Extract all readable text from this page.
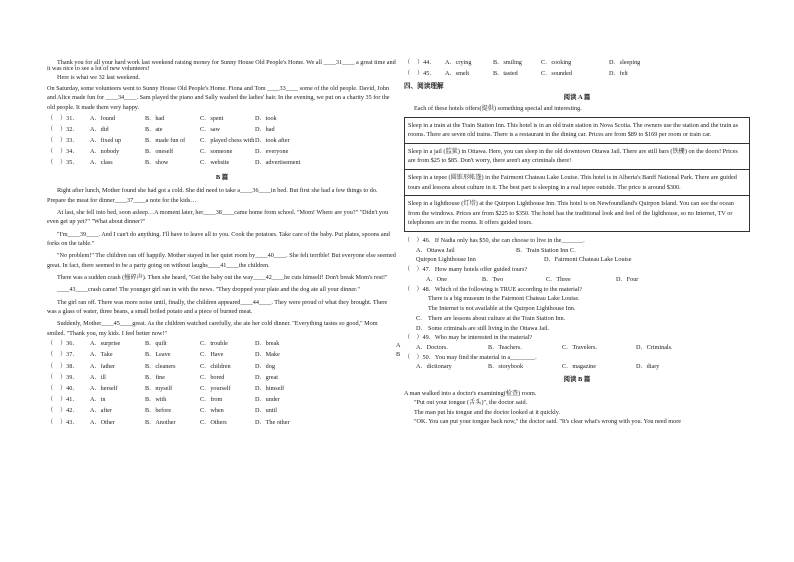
Thank you for all your hard work last weekend raising money for Sunny House Old People's Home. We all ____31____ a great time and it was nice to see a lot of new volunteers!

Here is what we 32 last weekend.

On Saturday, some volunteers went to Sunny House Old People's Home. Fiona and Tom ____33____ some of the old people. David, John and Alice made fun for ____34____. Sam played the piano and Sally washed the ladies' hair. In the evening, we put on a charity 35 for the old people. It made them very happy.

（	）31．	A．found	B．had	C．spent	D．took
（	）32．	A．did	B．ate	C．saw	D．had
（	）33．	A．fixed up	B．made fun of	C．played chess with D．took after
（	）34．	A．nobody	B．oneself	C．someone	D．everyone
（	）35．	A．class	B．show	C．website	D．advertisement

B 篇

Right after lunch, Mother found she had got a cold. She did need to take a____36____in bed. But first she had a few things to do. Prepare the meat for dinner____37____a note for the kids…

At last, she fell into bed, soon asleep…A moment later, her____38____came home from school. "Mom! Where are you?" "Didn't you even get up yet?" "What about dinner?"

"I'm____39____. And I can't do anything. I'll have to leave all to you. Cook the potatoes. Take care of the baby. Put plates, spoons and forks on the table."

"No problem!" The children ran off happily. Mother stayed in her quiet room by____40____. She felt terrible! But everyone else seemed great. In fact, there seemed to be a party going on without laughs____41____the children.

There was a sudden crash (撞碎声). Then she heard, "Get the baby out the way____42____he cuts himself! Don't break Mom's rest!"

____43____crash came! The younger girl ran in with the news. "They dropped your plate and the dog ate all your dinner."

The girl ran off. There was more noise until, finally, the children appeared____44____. They were proud of what they brought. There was a glass of water, three beans, a small boiled potato and a piece of burned meat.

Suddenly, Mother____45____great. As the children watched carefully, she ate her cold dinner. "Everything tastes so good," Mom smiled. "Thank you, my kids. I feel better now!"

（	）36．	A．surprise	B．quilt	C．trouble	D．break
（	）37．	A．Take	B．Leave	C．Have	D．Make
（	）38．	A．father	B．cleaners	C．children	D．dog
（	）39．	A．ill	B．fine	C．bored	D．great
（	）40．	A．herself	B．myself	C．yourself	D．himself
（	）41．	A．in	B．with	C．from	D．under
（	）42．	A．after	B．before	C．when	D．until
（	）43．	A．Other	B．Another	C．Others	D．The other
（	）44．	A．crying	B．smiling	C．cooking	D．sleeping
（	）45．	A．smelt	B．tasted	C．sounded	D．felt

四、阅读理解

阅读 A 篇

Each of these hotels offers(提供) something special and interesting.

Sleep in a train at the Train Station Inn. This hotel is in an old train station in Nova Scotia. The owners use the station and the train as rooms. There are seven old trains. There is a restaurant in the dining car. Prices are from $89 to $169 per room or train car.
Sleep in a jail (监狱) in Ottawa. Here, you can sleep in the old downtown Ottawa Jail. There are still bars (铁栅) on the doors! Prices are from $25 to $85. Don't worry, there aren't any criminals there!
Sleep in a tepee (圆锥形帐篷) in the Fairmont Chateau Lake Louise. This hotel is in Alberta's Banff National Park. There are guided tours and lessons about culture in it. The best part is sleeping in a real tepee outside. The price is around $300.
Sleep in a lighthouse (灯塔) at the Quirpon Lighthouse Inn. This hotel is on Newfoundland's Quirpon Island. You can see the ocean from the windows. Prices are from $225 to $350. The hotel has the traditional look and feel of the lighthouse, so no Internet, TV or telephones are in the rooms. It offers guided tours.
（　）46．If Nadia only has $50, she can choose to live in the_______．
A．Ottawa Jail	B．Train Station Inn C．
Quirpon Lighthouse Inn	D．Fairmont Chateau Lake Louise
（　）47．How many hotels offer guided tours?
A．One	B．Two	C．Three	D．Four
（　）48．Which of the following is TRUE according to the material?
There is a big museum in the Fairmont Chateau Lake Louise.
The Internet is not available at the Quirpon Lighthouse Inn.
C． There are lessons about culture at the Train Station Inn.
D． Some criminals are still living in the Ottawa Jail.
（　）49．Who may be interested in the material?
A．Doctors.	B．Teachers.	C．Travelers.	D．Criminals.
（　）50．You may find the material in a________．
A．dictionary	B．storybook	C．magazine	D．diary

阅读 B 篇

A man walked into a doctor's examining(检查) room.

"Put out your tongue (舌头)", the doctor said.

The man put his tongue and the doctor looked at it quickly.

"OK. You can put your tongue back now," the doctor said. "It's clear what's wrong with you. You need more

A
B
